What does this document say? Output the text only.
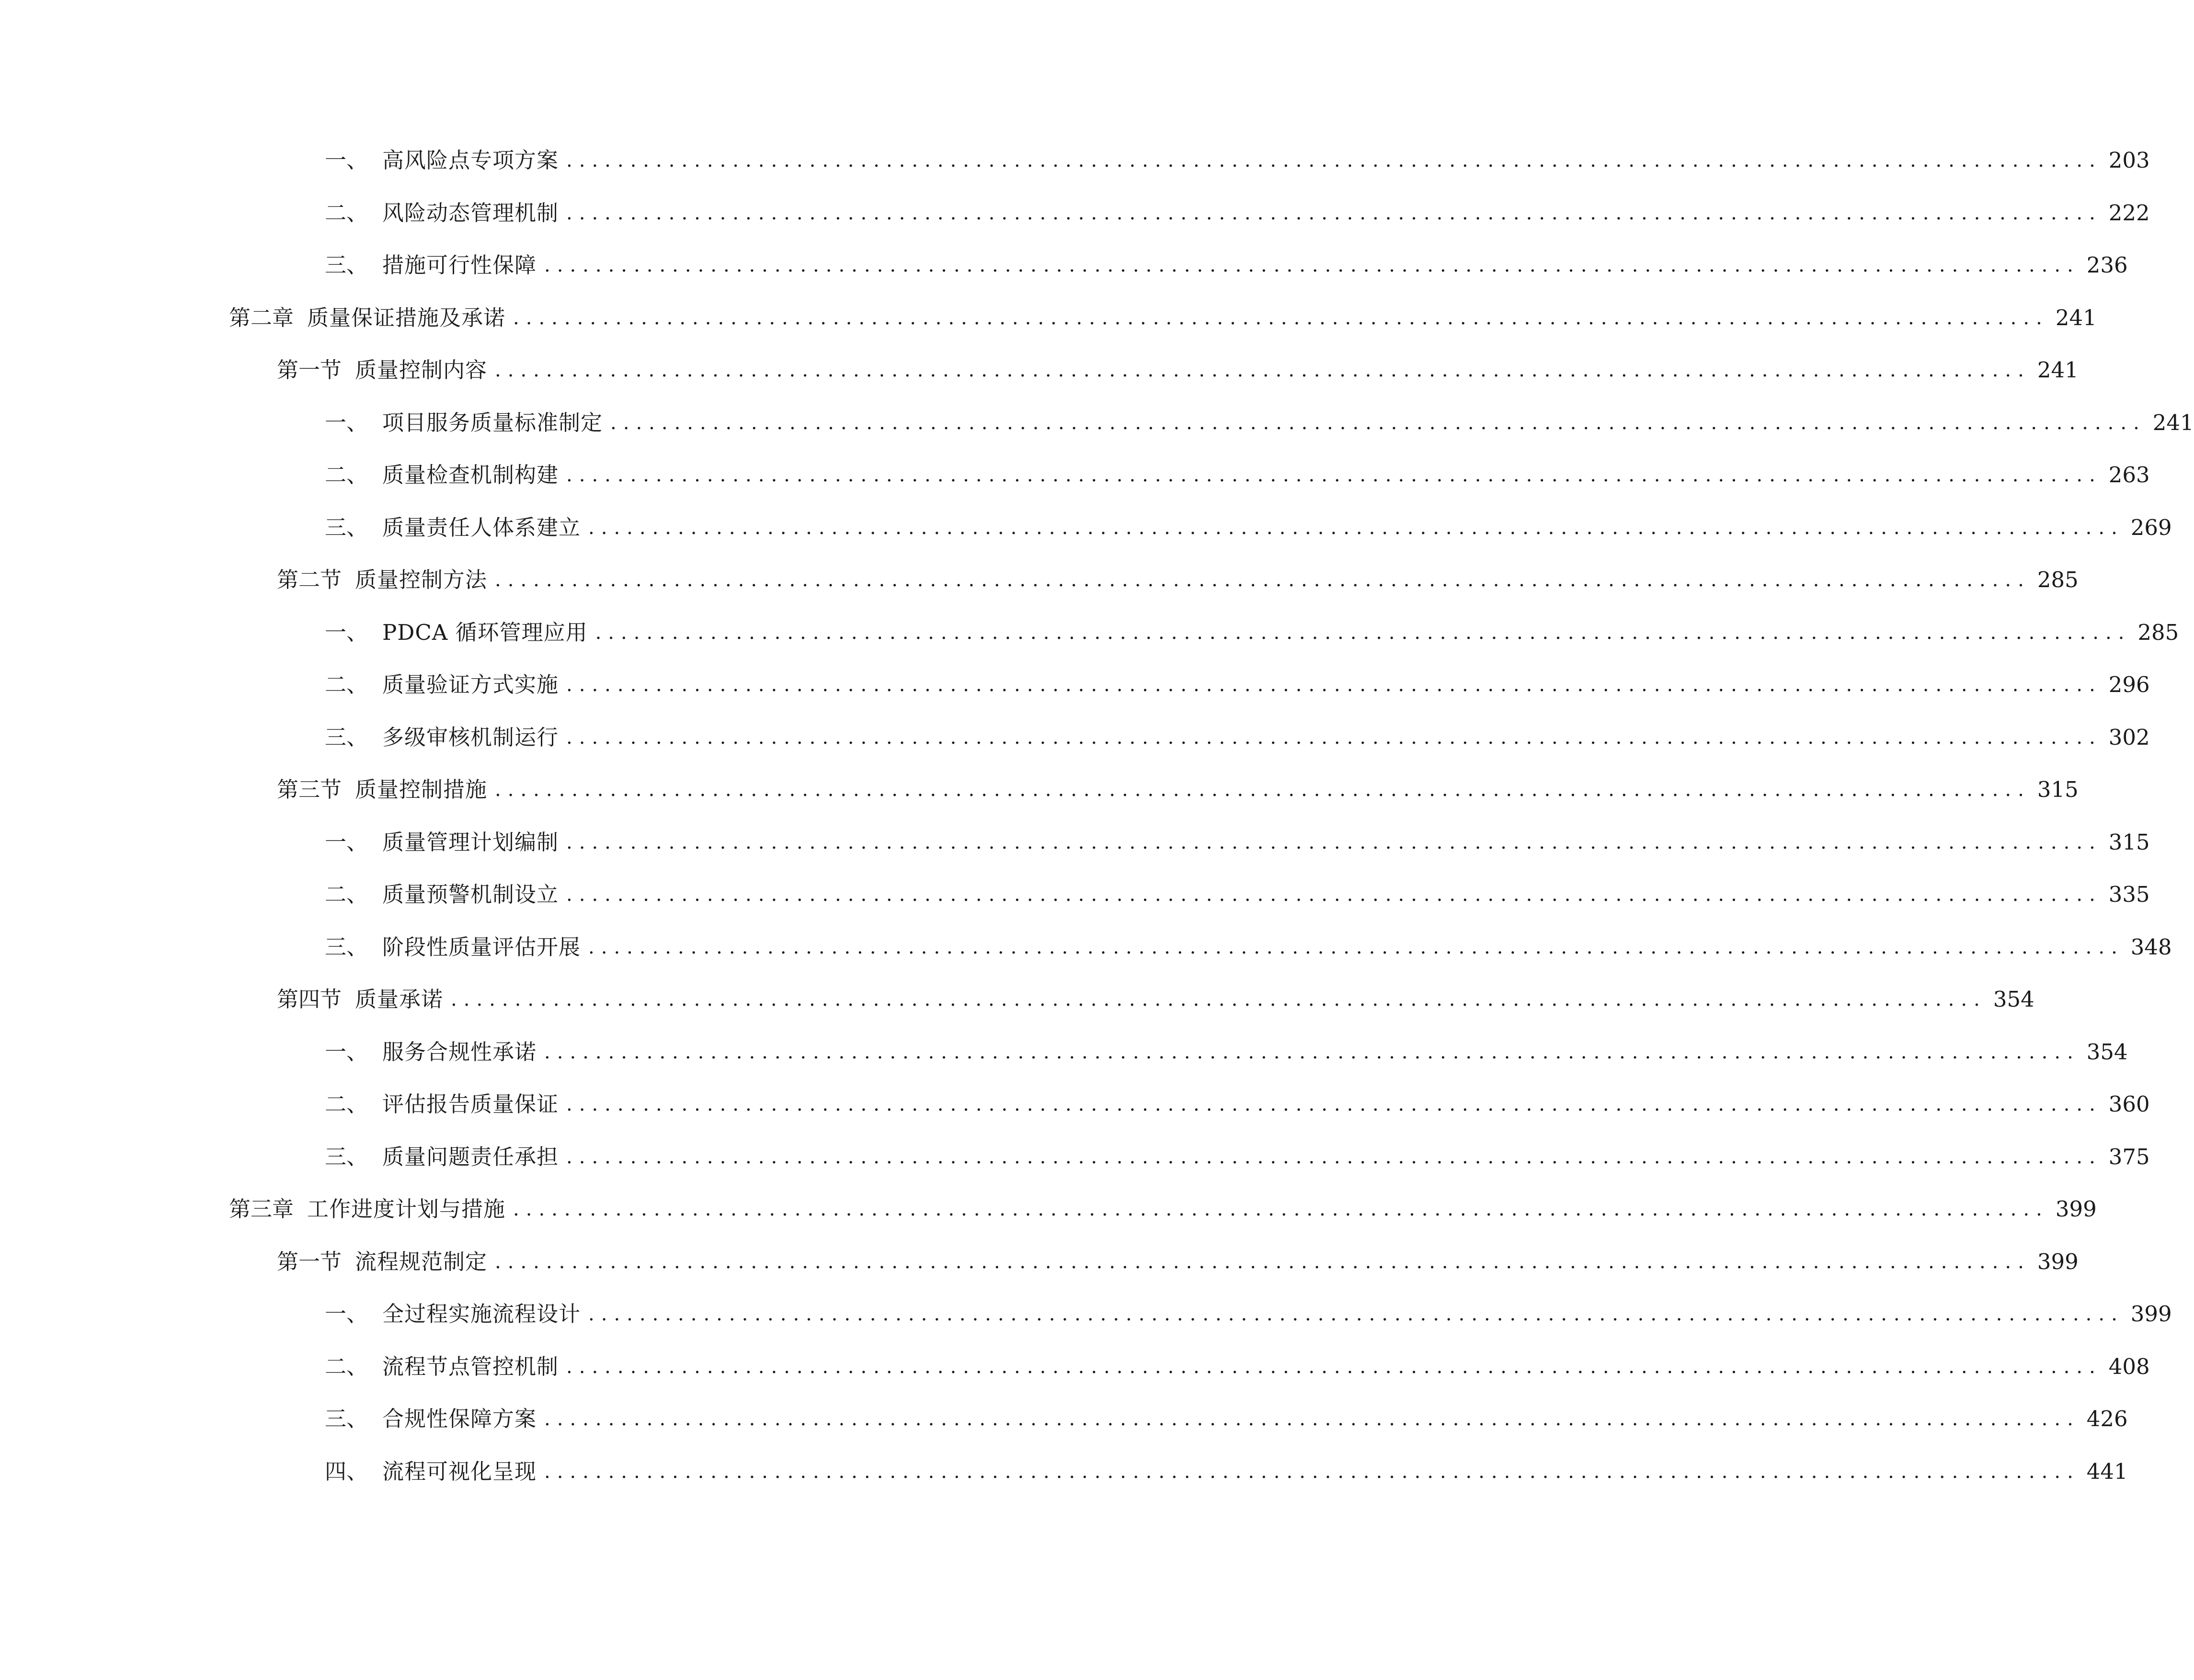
一、 高风险点专项方案 ........................................................................................................................ 203
二、 风险动态管理机制 ........................................................................................................................ 222
三、 措施可行性保障 ........................................................................................................................ 236
第二章 质量保证措施及承诺 ........................................................................................................................ 241
第一节 质量控制内容 ........................................................................................................................ 241
一、 项目服务质量标准制定 ........................................................................................................................ 241
二、 质量检查机制构建 ........................................................................................................................ 263
三、 质量责任人体系建立 ........................................................................................................................ 269
第二节 质量控制方法 ........................................................................................................................ 285
一、 PDCA 循环管理应用 ........................................................................................................................ 285
二、 质量验证方式实施 ........................................................................................................................ 296
三、 多级审核机制运行 ........................................................................................................................ 302
第三节 质量控制措施 ........................................................................................................................ 315
一、 质量管理计划编制 ........................................................................................................................ 315
二、 质量预警机制设立 ........................................................................................................................ 335
三、 阶段性质量评估开展 ........................................................................................................................ 348
第四节 质量承诺 ........................................................................................................................ 354
一、 服务合规性承诺 ........................................................................................................................ 354
二、 评估报告质量保证 ........................................................................................................................ 360
三、 质量问题责任承担 ........................................................................................................................ 375
第三章 工作进度计划与措施 ........................................................................................................................ 399
第一节 流程规范制定 ........................................................................................................................ 399
一、 全过程实施流程设计 ........................................................................................................................ 399
二、 流程节点管控机制 ........................................................................................................................ 408
三、 合规性保障方案 ........................................................................................................................ 426
四、 流程可视化呈现 ........................................................................................................................ 441
